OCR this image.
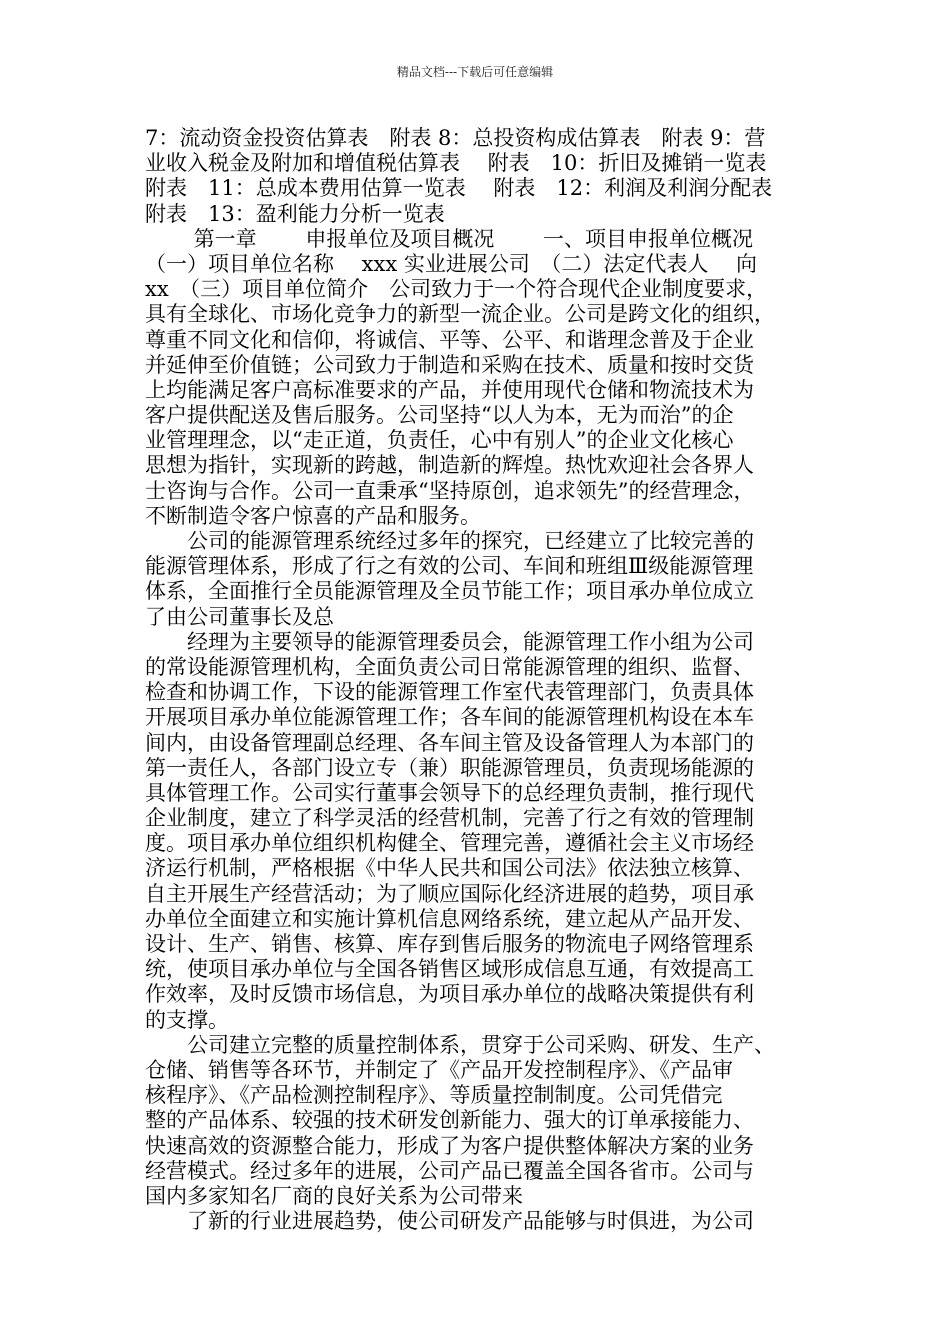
精品文档---下载后可任意编辑
7：流动资金投资估算表　附表 8：总投资构成估算表　附表 9：营
业收入税金及附加和增值税估算表　 附表　10：折旧及摊销一览表
附表　11：总成本费用估算一览表　 附表　12：利润及利润分配表
附表　13：盈利能力分析一览表
　　 第一章　　 申报单位及项目概况　　 一、项目申报单位概况
（一）项目单位名称　 xxx 实业进展公司　（二）法定代表人　 向
xx　（三）项目单位简介　公司致力于一个符合现代企业制度要求，
具有全球化、市场化竞争力的新型一流企业。公司是跨文化的组织，
尊重不同文化和信仰，将诚信、平等、公平、和谐理念普及于企业
并延伸至价值链；公司致力于制造和采购在技术、质量和按时交货
上均能满足客户高标准要求的产品，并使用现代仓储和物流技术为
客户提供配送及售后服务。公司坚持“以人为本，无为而治”的企
业管理理念，以“走正道，负责任，心中有别人”的企业文化核心
思想为指针，实现新的跨越，制造新的辉煌。热忱欢迎社会各界人
士咨询与合作。公司一直秉承“坚持原创，追求领先”的经营理念，
不断制造令客户惊喜的产品和服务。
　　公司的能源管理系统经过多年的探究，已经建立了比较完善的
能源管理体系，形成了行之有效的公司、车间和班组Ⅲ级能源管理
体系，全面推行全员能源管理及全员节能工作；项目承办单位成立
了由公司董事长及总
　　经理为主要领导的能源管理委员会，能源管理工作小组为公司
的常设能源管理机构，全面负责公司日常能源管理的组织、监督、
检查和协调工作，下设的能源管理工作室代表管理部门，负责具体
开展项目承办单位能源管理工作；各车间的能源管理机构设在本车
间内，由设备管理副总经理、各车间主管及设备管理人为本部门的
第一责任人，各部门设立专（兼）职能源管理员，负责现场能源的
具体管理工作。公司实行董事会领导下的总经理负责制，推行现代
企业制度，建立了科学灵活的经营机制，完善了行之有效的管理制
度。项目承办单位组织机构健全、管理完善，遵循社会主义市场经
济运行机制，严格根据《中华人民共和国公司法》依法独立核算、
自主开展生产经营活动；为了顺应国际化经济进展的趋势，项目承
办单位全面建立和实施计算机信息网络系统，建立起从产品开发、
设计、生产、销售、核算、库存到售后服务的物流电子网络管理系
统，使项目承办单位与全国各销售区域形成信息互通，有效提高工
作效率，及时反馈市场信息，为项目承办单位的战略决策提供有利
的支撑。
　　公司建立完整的质量控制体系，贯穿于公司采购、研发、生产、
仓储、销售等各环节，并制定了《产品开发控制程序》、《产品审
核程序》、《产品检测控制程序》、等质量控制制度。公司凭借完
整的产品体系、较强的技术研发创新能力、强大的订单承接能力、
快速高效的资源整合能力，形成了为客户提供整体解决方案的业务
经营模式。经过多年的进展，公司产品已覆盖全国各省市。公司与
国内多家知名厂商的良好关系为公司带来
　　了新的行业进展趋势，使公司研发产品能够与时俱进，为公司
